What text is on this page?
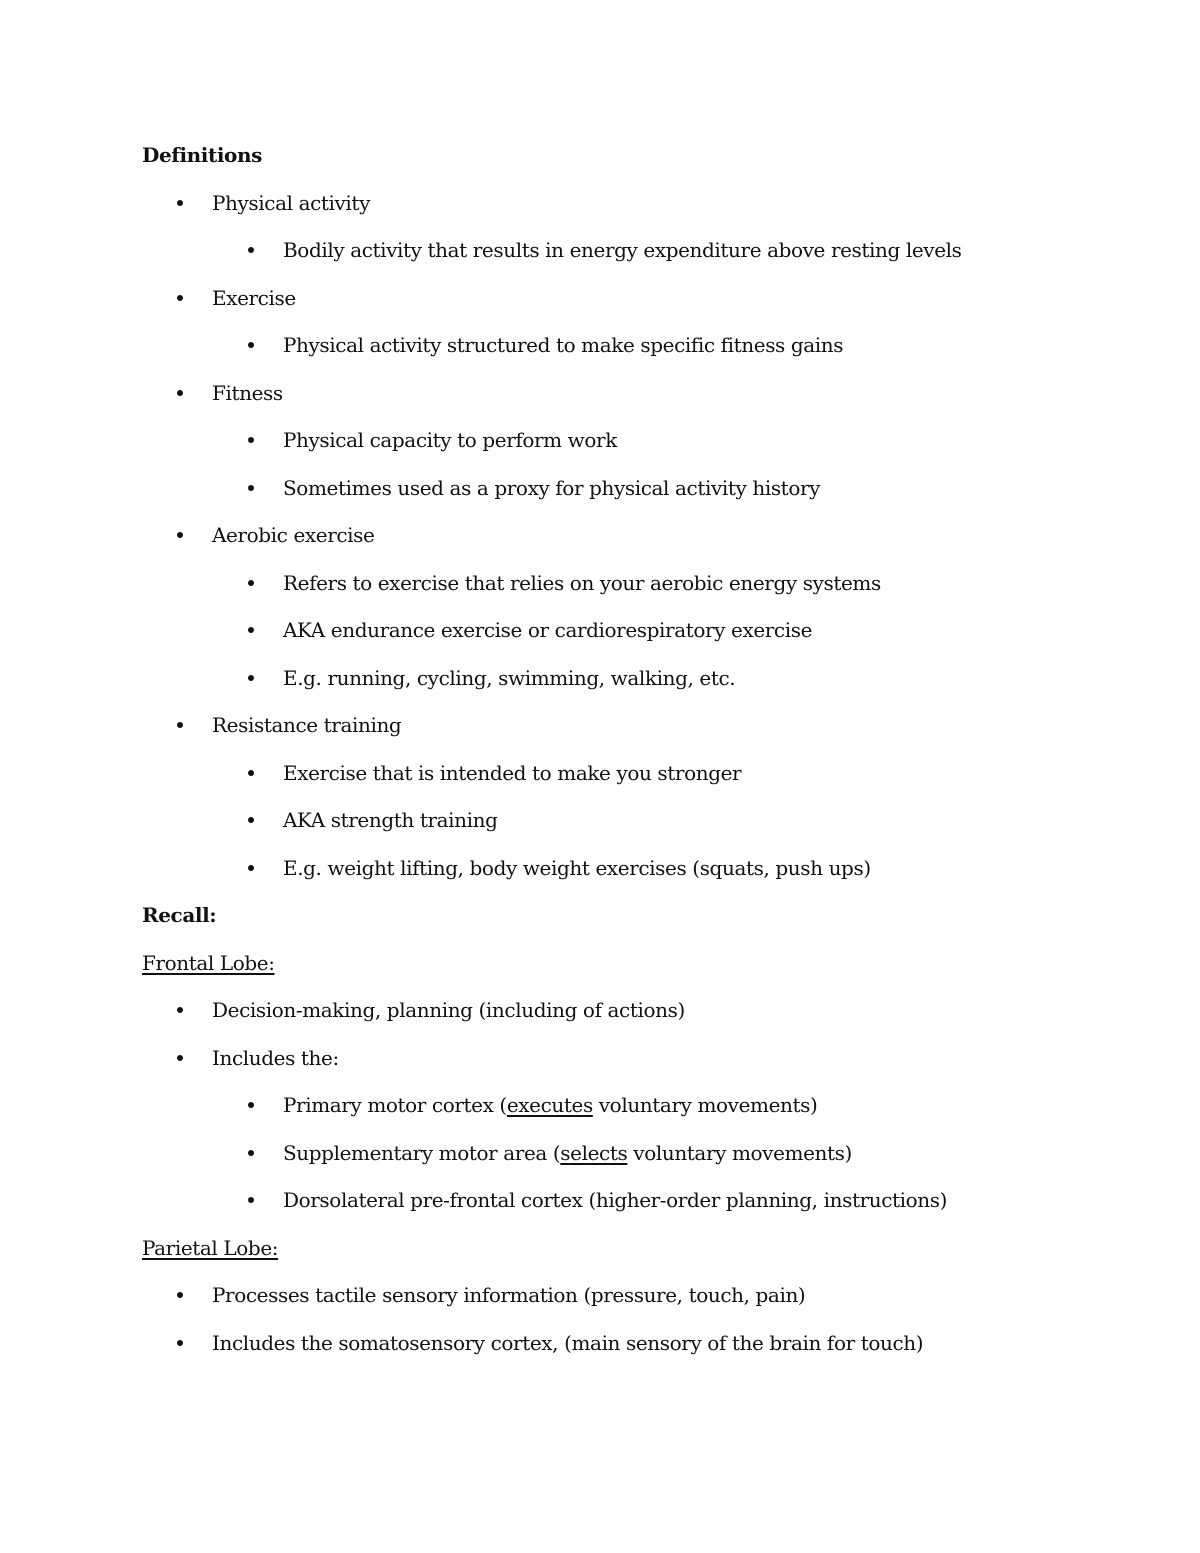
Definitions
Physical activity
Bodily activity that results in energy expenditure above resting levels
Exercise
Physical activity structured to make specific fitness gains
Fitness
Physical capacity to perform work
Sometimes used as a proxy for physical activity history
Aerobic exercise
Refers to exercise that relies on your aerobic energy systems
AKA endurance exercise or cardiorespiratory exercise
E.g. running, cycling, swimming, walking, etc.
Resistance training
Exercise that is intended to make you stronger
AKA strength training
E.g. weight lifting, body weight exercises (squats, push ups)
Recall:
Frontal Lobe:
Decision-making, planning (including of actions)
Includes the:
Primary motor cortex (executes voluntary movements)
Supplementary motor area (selects voluntary movements)
Dorsolateral pre-frontal cortex (higher-order planning, instructions)
Parietal Lobe:
Processes tactile sensory information (pressure, touch, pain)
Includes the somatosensory cortex, (main sensory of the brain for touch)
